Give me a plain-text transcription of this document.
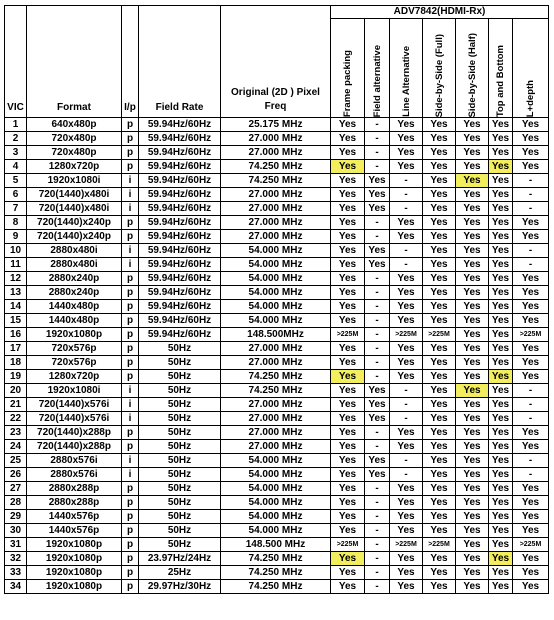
VIC	Format	I/p	Field Rate	Original (2D ) Pixel Freq	ADV7842(HDMI-Rx)						

					Frame packing	Field alternative	Line Alternative	Side-by-Side (Full)	Side-by-Side (Half)	Top and Bottom	L+depth

1	640x480p	p	59.94Hz/60Hz	25.175 MHz	Yes	-	Yes	Yes	Yes	Yes	Yes
2	720x480p	p	59.94Hz/60Hz	27.000 MHz	Yes	-	Yes	Yes	Yes	Yes	Yes
3	720x480p	p	59.94Hz/60Hz	27.000 MHz	Yes	-	Yes	Yes	Yes	Yes	Yes
4	1280x720p	p	59.94Hz/60Hz	74.250 MHz	Yes	-	Yes	Yes	Yes	Yes	Yes
5	1920x1080i	i	59.94Hz/60Hz	74.250 MHz	Yes	Yes	-	Yes	Yes	Yes	-
6	720(1440)x480i	i	59.94Hz/60Hz	27.000 MHz	Yes	Yes	-	Yes	Yes	Yes	-
7	720(1440)x480i	i	59.94Hz/60Hz	27.000 MHz	Yes	Yes	-	Yes	Yes	Yes	-
8	720(1440)x240p	p	59.94Hz/60Hz	27.000 MHz	Yes	-	Yes	Yes	Yes	Yes	Yes
9	720(1440)x240p	p	59.94Hz/60Hz	27.000 MHz	Yes	-	Yes	Yes	Yes	Yes	Yes
10	2880x480i	i	59.94Hz/60Hz	54.000 MHz	Yes	Yes	-	Yes	Yes	Yes	-
11	2880x480i	i	59.94Hz/60Hz	54.000 MHz	Yes	Yes	-	Yes	Yes	Yes	-
12	2880x240p	p	59.94Hz/60Hz	54.000 MHz	Yes	-	Yes	Yes	Yes	Yes	Yes
13	2880x240p	p	59.94Hz/60Hz	54.000 MHz	Yes	-	Yes	Yes	Yes	Yes	Yes
14	1440x480p	p	59.94Hz/60Hz	54.000 MHz	Yes	-	Yes	Yes	Yes	Yes	Yes
15	1440x480p	p	59.94Hz/60Hz	54.000 MHz	Yes	-	Yes	Yes	Yes	Yes	Yes
16	1920x1080p	p	59.94Hz/60Hz	148.500MHz	>225M	-	>225M	>225M	Yes	Yes	>225M
17	720x576p	p	50Hz	27.000 MHz	Yes	-	Yes	Yes	Yes	Yes	Yes
18	720x576p	p	50Hz	27.000 MHz	Yes	-	Yes	Yes	Yes	Yes	Yes
19	1280x720p	p	50Hz	74.250 MHz	Yes	-	Yes	Yes	Yes	Yes	Yes
20	1920x1080i	i	50Hz	74.250 MHz	Yes	Yes	-	Yes	Yes	Yes	-
21	720(1440)x576i	i	50Hz	27.000 MHz	Yes	Yes	-	Yes	Yes	Yes	-
22	720(1440)x576i	i	50Hz	27.000 MHz	Yes	Yes	-	Yes	Yes	Yes	-
23	720(1440)x288p	p	50Hz	27.000 MHz	Yes	-	Yes	Yes	Yes	Yes	Yes
24	720(1440)x288p	p	50Hz	27.000 MHz	Yes	-	Yes	Yes	Yes	Yes	Yes
25	2880x576i	i	50Hz	54.000 MHz	Yes	Yes	-	Yes	Yes	Yes	-
26	2880x576i	i	50Hz	54.000 MHz	Yes	Yes	-	Yes	Yes	Yes	-
27	2880x288p	p	50Hz	54.000 MHz	Yes	-	Yes	Yes	Yes	Yes	Yes
28	2880x288p	p	50Hz	54.000 MHz	Yes	-	Yes	Yes	Yes	Yes	Yes
29	1440x576p	p	50Hz	54.000 MHz	Yes	-	Yes	Yes	Yes	Yes	Yes
30	1440x576p	p	50Hz	54.000 MHz	Yes	-	Yes	Yes	Yes	Yes	Yes
31	1920x1080p	p	50Hz	148.500 MHz	>225M	-	>225M	>225M	Yes	Yes	>225M
32	1920x1080p	p	23.97Hz/24Hz	74.250 MHz	Yes	-	Yes	Yes	Yes	Yes	Yes
33	1920x1080p	p	25Hz	74.250 MHz	Yes	-	Yes	Yes	Yes	Yes	Yes
34	1920x1080p	p	29.97Hz/30Hz	74.250 MHz	Yes	-	Yes	Yes	Yes	Yes	Yes
